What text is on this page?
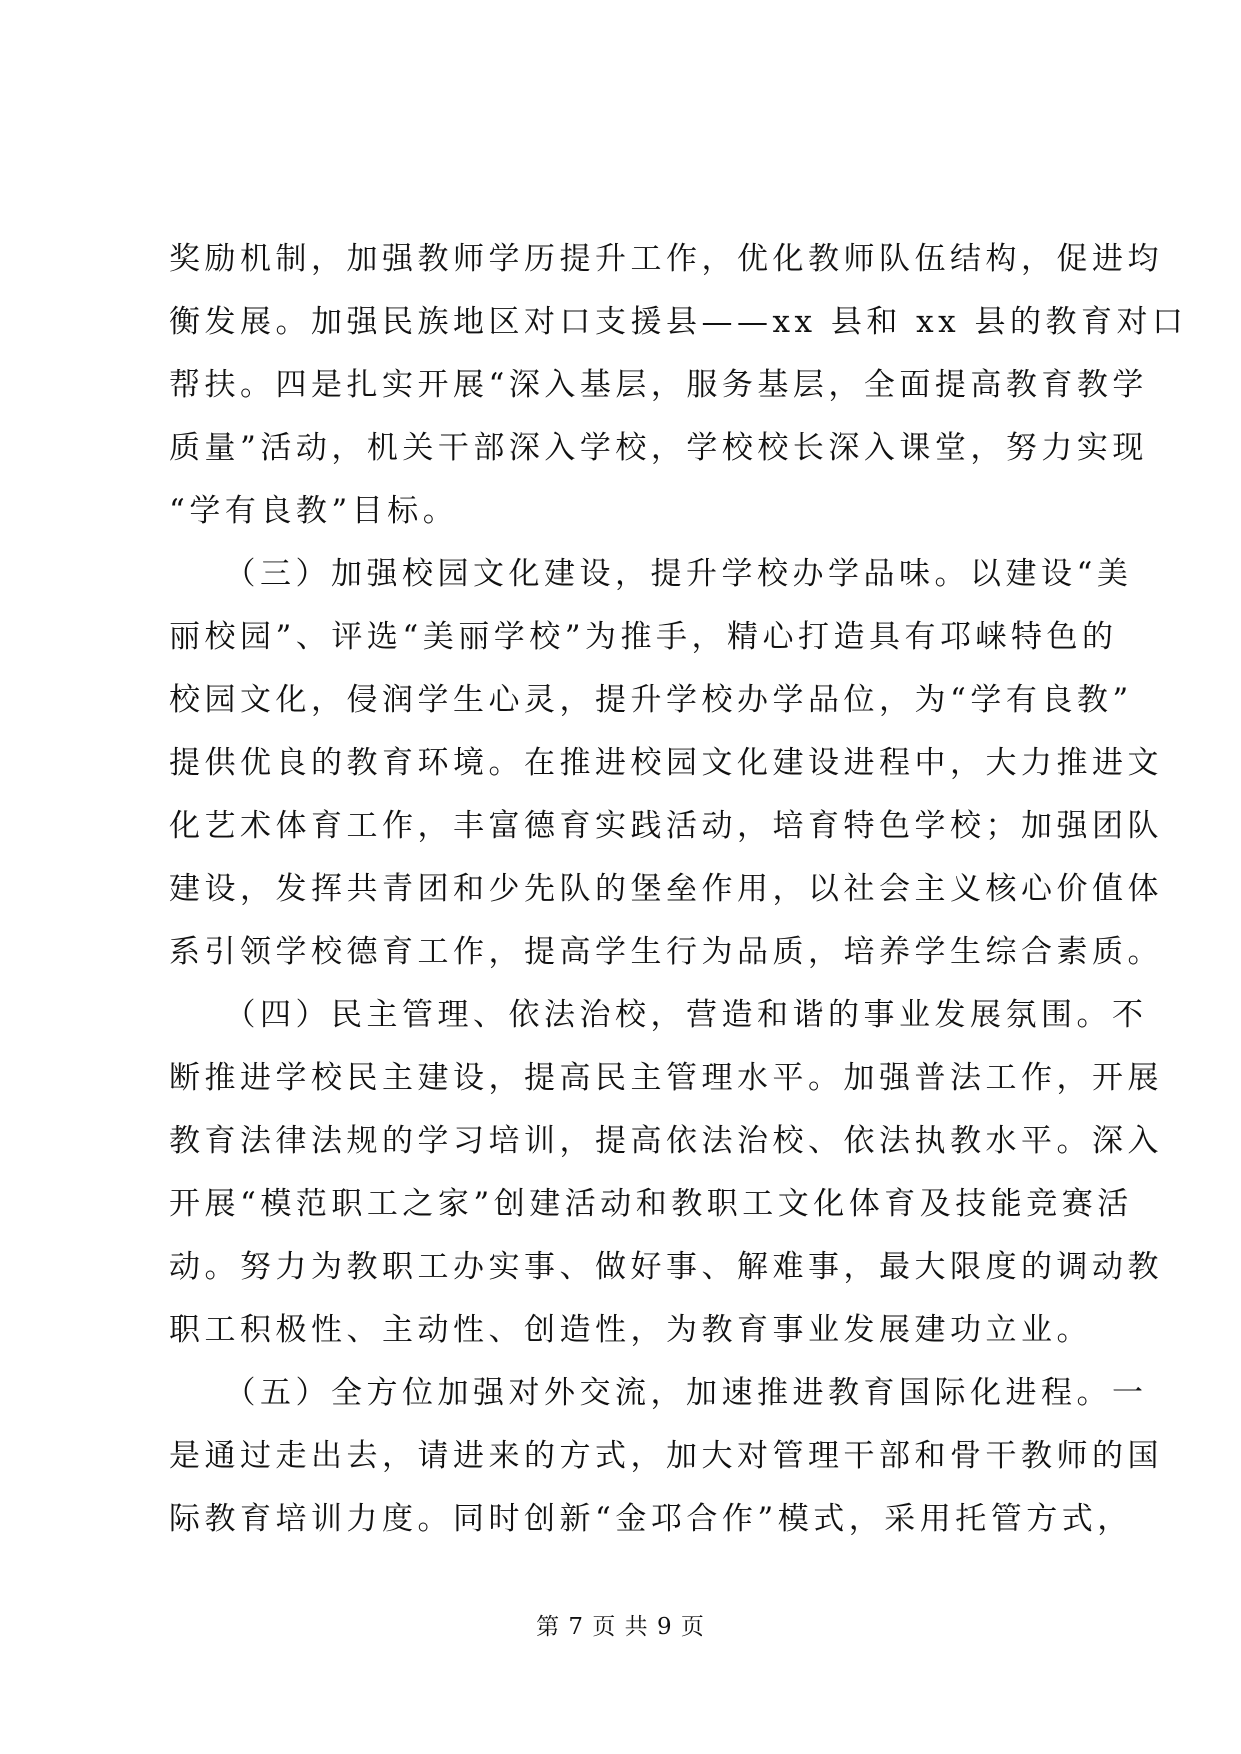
奖励机制，加强教师学历提升工作，优化教师队伍结构，促进均
衡发展。加强民族地区对口支援县——xx 县和 xx 县的教育对口
帮扶。四是扎实开展“深入基层，服务基层，全面提高教育教学
质量”活动，机关干部深入学校，学校校长深入课堂，努力实现
“学有良教”目标。
　　（三）加强校园文化建设，提升学校办学品味。以建设“美
丽校园”、评选“美丽学校”为推手，精心打造具有邛崃特色的
校园文化，侵润学生心灵，提升学校办学品位，为“学有良教”
提供优良的教育环境。在推进校园文化建设进程中，大力推进文
化艺术体育工作，丰富德育实践活动，培育特色学校；加强团队
建设，发挥共青团和少先队的堡垒作用，以社会主义核心价值体
系引领学校德育工作，提高学生行为品质，培养学生综合素质。
　　（四）民主管理、依法治校，营造和谐的事业发展氛围。不
断推进学校民主建设，提高民主管理水平。加强普法工作，开展
教育法律法规的学习培训，提高依法治校、依法执教水平。深入
开展“模范职工之家”创建活动和教职工文化体育及技能竞赛活
动。努力为教职工办实事、做好事、解难事，最大限度的调动教
职工积极性、主动性、创造性，为教育事业发展建功立业。
　　（五）全方位加强对外交流，加速推进教育国际化进程。一
是通过走出去，请进来的方式，加大对管理干部和骨干教师的国
际教育培训力度。同时创新“金邛合作”模式，采用托管方式，
第 7 页 共 9 页
